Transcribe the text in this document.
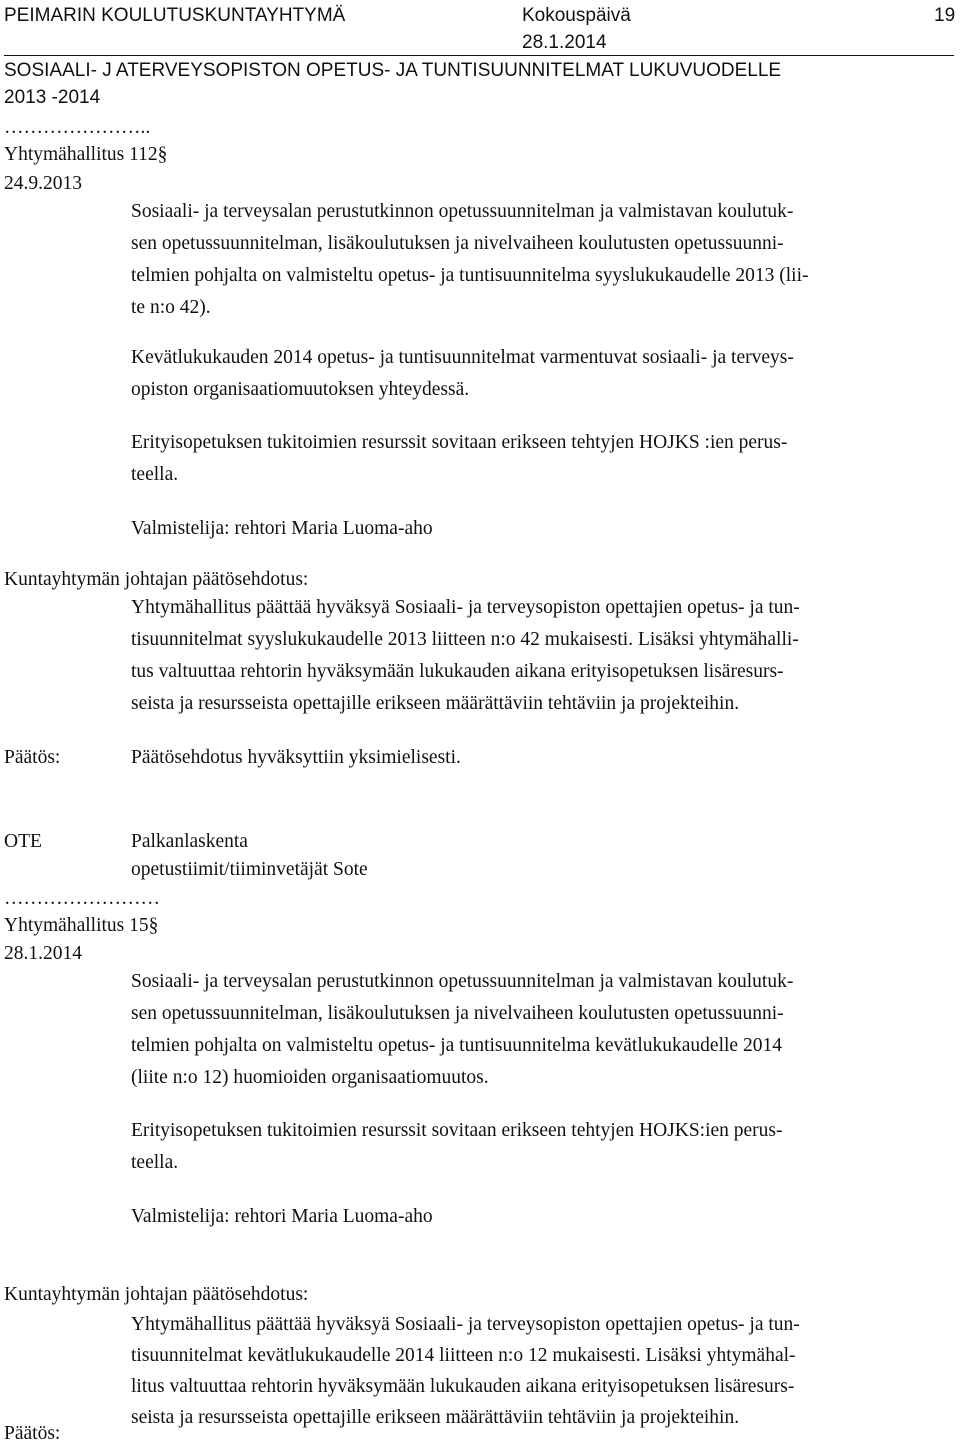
PEIMARIN KOULUTUSKUNTAYHTYMÄ	Kokouspäivä	19
28.1.2014
SOSIAALI- J ATERVEYSOPISTON OPETUS- JA TUNTISUUNNITELMAT LUKUVUODELLE
2013 -2014
…………………..
Yhtymähallitus 112§
24.9.2013
Sosiaali- ja terveysalan perustutkinnon opetussuunnitelman ja valmistavan koulutuk-
sen opetussuunnitelman, lisäkoulutuksen ja nivelvaiheen koulutusten opetussuunni-
telmien pohjalta on valmisteltu opetus- ja tuntisuunnitelma syyslukukaudelle 2013 (lii-
te n:o 42).
Kevätlukukauden 2014 opetus- ja tuntisuunnitelmat varmentuvat sosiaali- ja terveys-
opiston organisaatiomuutoksen yhteydessä.
Erityisopetuksen tukitoimien resurssit sovitaan erikseen tehtyjen HOJKS :ien perus-
teella.
Valmistelija: rehtori Maria Luoma-aho
Kuntayhtymän johtajan päätösehdotus:
Yhtymähallitus päättää hyväksyä Sosiaali- ja terveysopiston opettajien opetus- ja tun-
tisuunnitelmat syyslukukaudelle 2013 liitteen n:o 42 mukaisesti. Lisäksi yhtymähalli-
tus valtuuttaa rehtorin hyväksymään lukukauden aikana erityisopetuksen lisäresurs-
seista ja resursseista opettajille erikseen määrättäviin tehtäviin ja projekteihin.
Päätös:	Päätösehdotus hyväksyttiin yksimielisesti.
OTE	Palkanlaskenta
opetustiimit/tiiminvetäjät Sote
……………………
Yhtymähallitus 15§
28.1.2014
Sosiaali- ja terveysalan perustutkinnon opetussuunnitelman ja valmistavan koulutuk-
sen opetussuunnitelman, lisäkoulutuksen ja nivelvaiheen koulutusten opetussuunni-
telmien pohjalta on valmisteltu opetus- ja tuntisuunnitelma kevätlukukaudelle 2014
(liite n:o 12) huomioiden organisaatiomuutos.
Erityisopetuksen tukitoimien resurssit sovitaan erikseen tehtyjen HOJKS:ien perus-
teella.
Valmistelija: rehtori Maria Luoma-aho
Kuntayhtymän johtajan päätösehdotus:
Yhtymähallitus päättää hyväksyä Sosiaali- ja terveysopiston opettajien opetus- ja tun-
tisuunnitelmat kevätlukukaudelle 2014 liitteen n:o 12 mukaisesti. Lisäksi yhtymähal-
litus valtuuttaa rehtorin hyväksymään lukukauden aikana erityisopetuksen lisäresurs-
seista ja resursseista opettajille erikseen määrättäviin tehtäviin ja projekteihin.
Päätös:
